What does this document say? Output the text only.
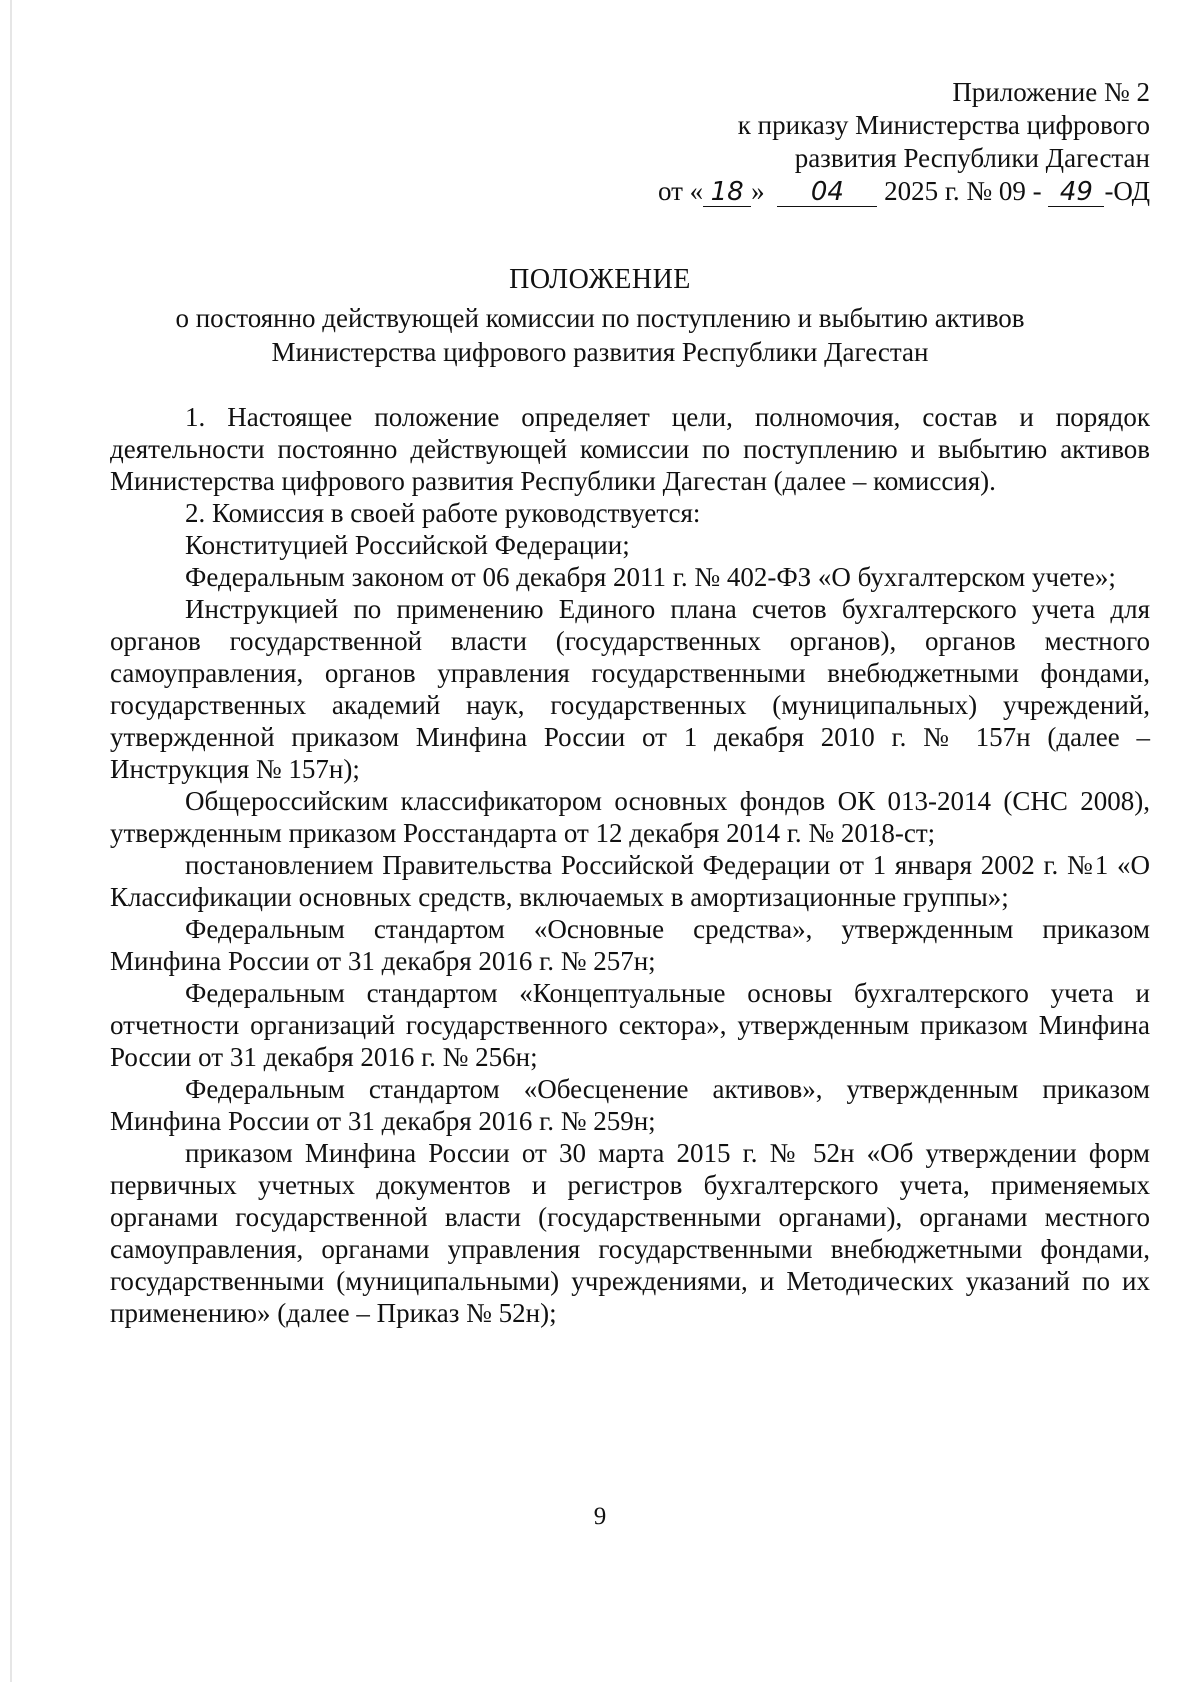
Приложение № 2
к приказу Министерства цифрового
развития Республики Дагестан
от « 18 » 04 2025 г. № 09 - 49 -ОД
ПОЛОЖЕНИЕ
о постоянно действующей комиссии по поступлению и выбытию активов
Министерства цифрового развития Республики Дагестан

1. Настоящее положение определяет цели, полномочия, состав и порядок деятельности постоянно действующей комиссии по поступлению и выбытию активов Министерства цифрового развития Республики Дагестан (далее – комиссия).

2. Комиссия в своей работе руководствуется:

Конституцией Российской Федерации;

Федеральным законом от 06 декабря 2011 г. № 402-ФЗ «О бухгалтерском учете»;

Инструкцией по применению Единого плана счетов бухгалтерского учета для органов государственной власти (государственных органов), органов местного самоуправления, органов управления государственными внебюджетными фондами, государственных академий наук, государственных (муниципальных) учреждений, утвержденной приказом Минфина России от 1 декабря 2010 г. № 157н (далее – Инструкция № 157н);

Общероссийским классификатором основных фондов ОК 013-2014 (СНС 2008), утвержденным приказом Росстандарта от 12 декабря 2014 г. № 2018-ст;

постановлением Правительства Российской Федерации от 1 января 2002 г. №1 «О Классификации основных средств, включаемых в амортизационные группы»;

Федеральным стандартом «Основные средства», утвержденным приказом Минфина России от 31 декабря 2016 г. № 257н;

Федеральным стандартом «Концептуальные основы бухгалтерского учета и отчетности организаций государственного сектора», утвержденным приказом Минфина России от 31 декабря 2016 г. № 256н;

Федеральным стандартом «Обесценение активов», утвержденным приказом Минфина России от 31 декабря 2016 г. № 259н;

приказом Минфина России от 30 марта 2015 г. № 52н «Об утверждении форм первичных учетных документов и регистров бухгалтерского учета, применяемых органами государственной власти (государственными органами), органами местного самоуправления, органами управления государственными внебюджетными фондами, государственными (муниципальными) учреждениями, и Методических указаний по их применению» (далее – Приказ № 52н);

9
